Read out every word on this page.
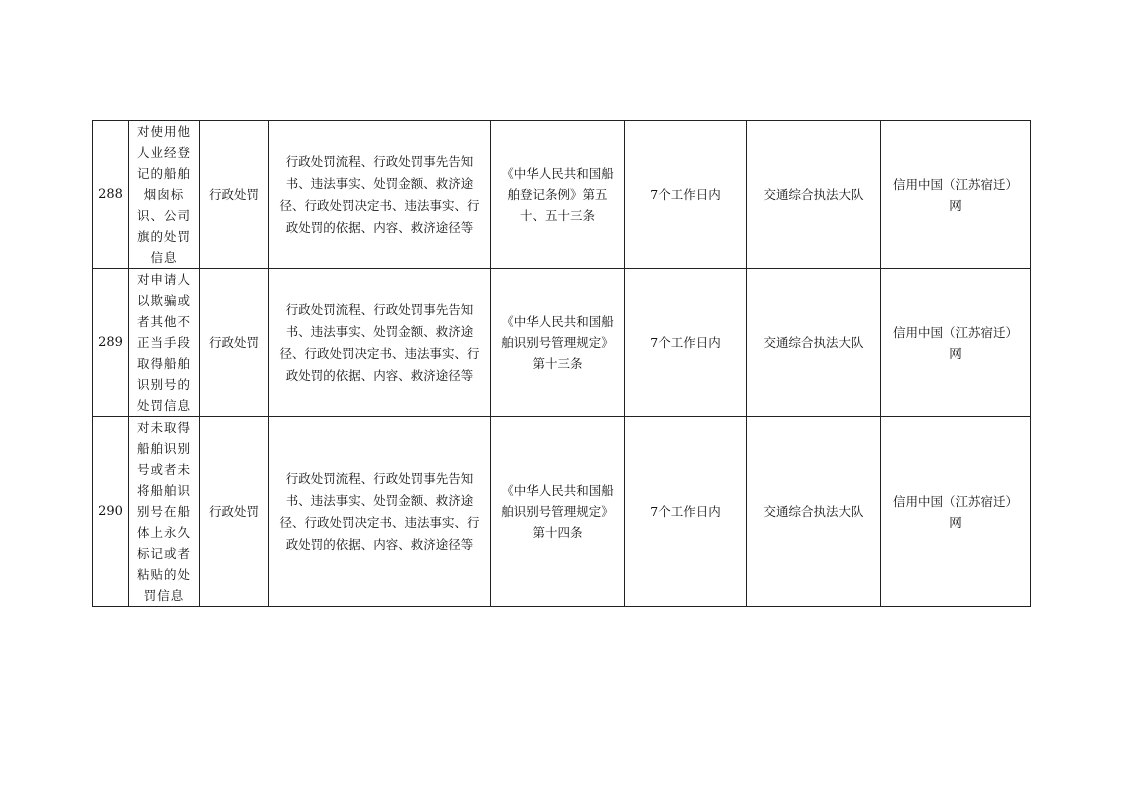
288	对使用他人业经登记的船舶烟囱标识、公司旗的处罚信息	行政处罚	行政处罚流程、行政处罚事先告知书、违法事实、处罚金额、救济途径、行政处罚决定书、违法事实、行政处罚的依据、内容、救济途径等	《中华人民共和国船舶登记条例》第五十、五十三条	7个工作日内	交通综合执法大队	信用中国（江苏宿迁）网
289	对申请人以欺骗或者其他不正当手段取得船舶识别号的处罚信息	行政处罚	行政处罚流程、行政处罚事先告知书、违法事实、处罚金额、救济途径、行政处罚决定书、违法事实、行政处罚的依据、内容、救济途径等	《中华人民共和国船舶识别号管理规定》第十三条	7个工作日内	交通综合执法大队	信用中国（江苏宿迁）网
290	对未取得船舶识别号或者未将船舶识别号在船体上永久标记或者粘贴的处罚信息	行政处罚	行政处罚流程、行政处罚事先告知书、违法事实、处罚金额、救济途径、行政处罚决定书、违法事实、行政处罚的依据、内容、救济途径等	《中华人民共和国船舶识别号管理规定》第十四条	7个工作日内	交通综合执法大队	信用中国（江苏宿迁）网
